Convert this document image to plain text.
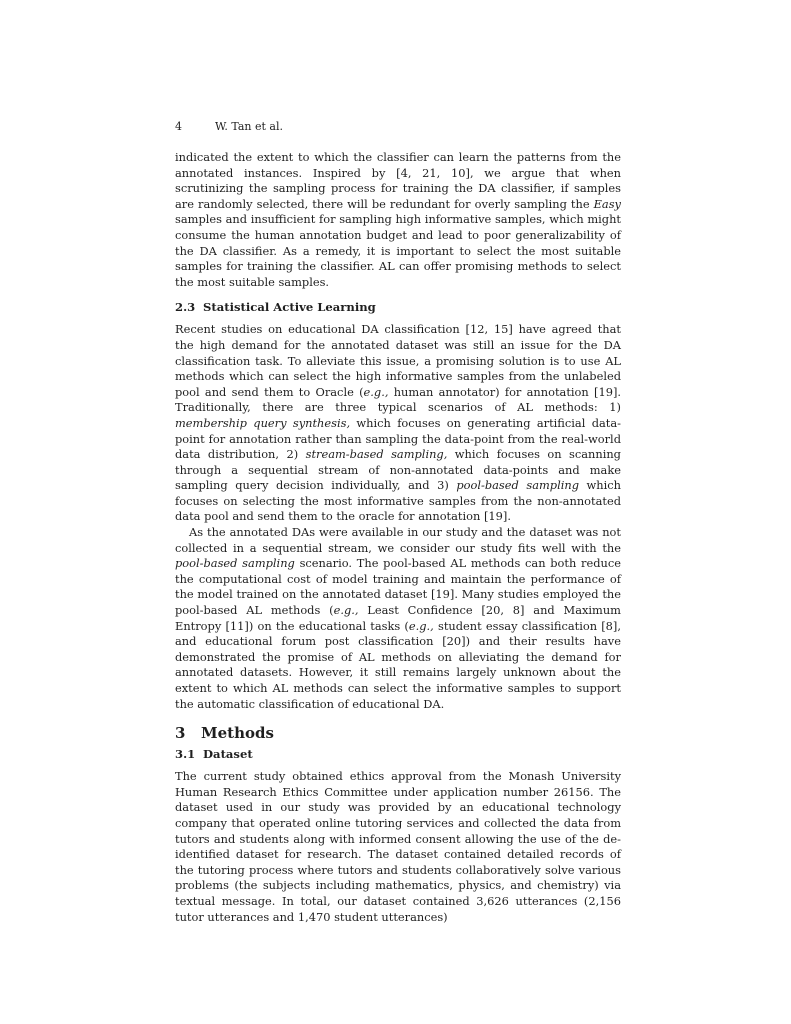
4	W. Tan et al.

indicated the extent to which the classifier can learn the patterns from the annotated instances. Inspired by [4, 21, 10], we argue that when scrutinizing the sampling process for training the DA classifier, if samples are randomly selected, there will be redundant for overly sampling the Easy samples and insufficient for sampling high informative samples, which might consume the human annotation budget and lead to poor generalizability of the DA classifier. As a remedy, it is important to select the most suitable samples for training the classifier. AL can offer promising methods to select the most suitable samples.

2.3 Statistical Active Learning

Recent studies on educational DA classification [12, 15] have agreed that the high demand for the annotated dataset was still an issue for the DA classification task. To alleviate this issue, a promising solution is to use AL methods which can select the high informative samples from the unlabeled pool and send them to Oracle (e.g., human annotator) for annotation [19]. Traditionally, there are three typical scenarios of AL methods: 1) membership query synthesis, which focuses on generating artificial data-point for annotation rather than sampling the data-point from the real-world data distribution, 2) stream-based sampling, which focuses on scanning through a sequential stream of non-annotated data-points and make sampling query decision individually, and 3) pool-based sampling which focuses on selecting the most informative samples from the non-annotated data pool and send them to the oracle for annotation [19].

As the annotated DAs were available in our study and the dataset was not collected in a sequential stream, we consider our study fits well with the pool-based sampling scenario. The pool-based AL methods can both reduce the computational cost of model training and maintain the performance of the model trained on the annotated dataset [19]. Many studies employed the pool-based AL methods (e.g., Least Confidence [20, 8] and Maximum Entropy [11]) on the educational tasks (e.g., student essay classification [8], and educational forum post classification [20]) and their results have demonstrated the promise of AL methods on alleviating the demand for annotated datasets. However, it still remains largely unknown about the extent to which AL methods can select the informative samples to support the automatic classification of educational DA.

3 Methods
3.1 Dataset

The current study obtained ethics approval from the Monash University Human Research Ethics Committee under application number 26156. The dataset used in our study was provided by an educational technology company that operated online tutoring services and collected the data from tutors and students along with informed consent allowing the use of the de-identified dataset for research. The dataset contained detailed records of the tutoring process where tutors and students collaboratively solve various problems (the subjects including mathematics, physics, and chemistry) via textual message. In total, our dataset contained 3,626 utterances (2,156 tutor utterances and 1,470 student utterances)
